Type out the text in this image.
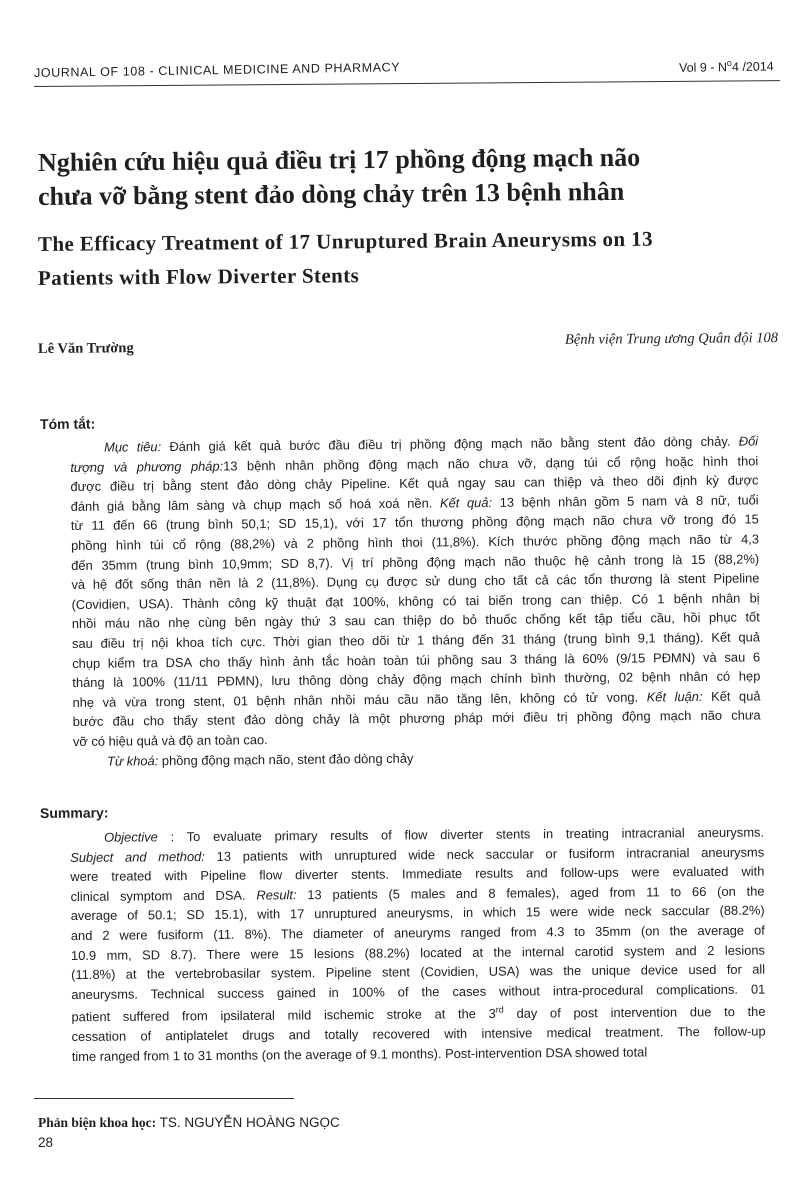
JOURNAL OF 108 - CLINICAL MEDICINE AND PHARMACY	Vol $9 - N^o4$ /2014
Nghiên cứu hiệu quả điều trị 17 phồng động mạch não
chưa vỡ bằng stent đảo dòng chảy trên 13 bệnh nhân
The Efficacy Treatment of 17 Unruptured Brain Aneurysms on 13
Patients with Flow Diverter Stents
Lê Văn Trường
Bệnh viện Trung ương Quân đội 108
Tóm tắt:
Mục tiêu: Đánh giá kết quả bước đầu điều trị phồng động mạch não bằng stent đảo dòng chảy. Đối
tượng và phương pháp:13 bệnh nhân phồng động mạch não chưa vỡ, dạng túi cổ rộng hoặc hình thoi
được điều trị bằng stent đảo dòng chảy Pipeline. Kết quả ngay sau can thiệp và theo dõi định kỳ được
đánh giá bằng lâm sàng và chụp mạch số hoá xoá nền. Kết quả: 13 bệnh nhân gồm 5 nam và 8 nữ, tuổi
từ 11 đến 66 (trung bình 50,1; SD 15,1), với 17 tổn thương phồng động mạch não chưa vỡ trong đó 15
phồng hình túi cổ rộng (88,2%) và 2 phồng hình thoi (11,8%). Kích thước phồng động mạch não từ 4,3
đến 35mm (trung bình 10,9mm; SD 8,7). Vị trí phồng động mạch não thuộc hệ cảnh trong là 15 (88,2%)
và hệ đốt sống thân nền là 2 (11,8%). Dụng cụ được sử dung cho tất cả các tổn thương là stent Pipeline
(Covidien, USA). Thành công kỹ thuật đạt 100%, không có tai biến trong can thiệp. Có 1 bệnh nhân bị
nhồi máu não nhẹ cùng bên ngày thứ 3 sau can thiệp do bỏ thuốc chống kết tập tiểu cầu, hồi phục tốt
sau điều trị nội khoa tích cực. Thời gian theo dõi từ 1 tháng đến 31 tháng (trung bình 9,1 tháng). Kết quả
chụp kiểm tra DSA cho thấy hình ảnh tắc hoàn toàn túi phồng sau 3 tháng là 60% (9/15 PĐMN) và sau 6
tháng là 100% (11/11 PĐMN), lưu thông dòng chảy động mạch chính bình thường, 02 bệnh nhân có hẹp
nhẹ và vừa trong stent, 01 bệnh nhân nhồi máu cầu não tăng lên, không có tử vong. Kết luận: Kết quả
bước đầu cho thấy stent đảo dòng chảy là một phương pháp mới điều trị phồng động mạch não chưa
vỡ có hiệu quả và độ an toàn cao.
Từ khoá: phồng động mạch não, stent đảo dòng chảy
Summary:
Objective : To evaluate primary results of flow diverter stents in treating intracranial aneurysms.
Subject and method: 13 patients with unruptured wide neck saccular or fusiform intracranial aneurysms
were treated with Pipeline flow diverter stents. Immediate results and follow-ups were evaluated with
clinical symptom and DSA. Result: 13 patients (5 males and 8 females), aged from 11 to 66 (on the
average of 50.1; SD 15.1), with 17 unruptured aneurysms, in which 15 were wide neck saccular (88.2%)
and 2 were fusiform (11. 8%). The diameter of aneuryms ranged from 4.3 to 35mm (on the average of
10.9 mm, SD 8.7). There were 15 lesions (88.2%) located at the internal carotid system and 2 lesions
(11.8%) at the vertebrobasilar system. Pipeline stent (Covidien, USA) was the unique device used for all
aneurysms. Technical success gained in 100% of the cases without intra-procedural complications. 01
patient suffered from ipsilateral mild ischemic stroke at the 3rd day of post intervention due to the
cessation of antiplatelet drugs and totally recovered with intensive medical treatment. The follow-up
time ranged from 1 to 31 months (on the average of 9.1 months). Post-intervention DSA showed total
Phản biện khoa học: TS. NGUYỄN HOÀNG NGỌC
28
